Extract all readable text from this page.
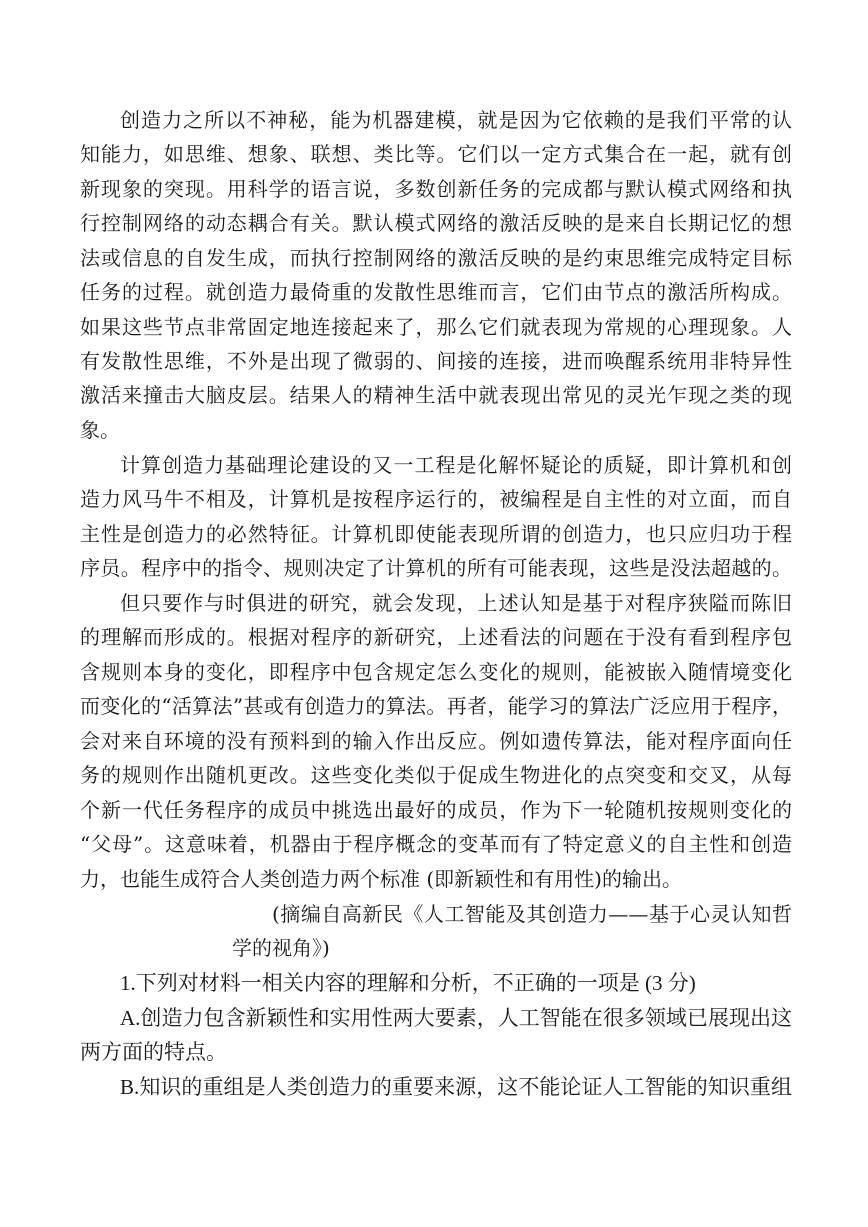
创造力之所以不神秘，能为机器建模，就是因为它依赖的是我们平常的认
知能力，如思维、想象、联想、类比等。它们以一定方式集合在一起，就有创
新现象的突现。用科学的语言说，多数创新任务的完成都与默认模式网络和执
行控制网络的动态耦合有关。默认模式网络的激活反映的是来自长期记忆的想
法或信息的自发生成，而执行控制网络的激活反映的是约束思维完成特定目标
任务的过程。就创造力最倚重的发散性思维而言，它们由节点的激活所构成。
如果这些节点非常固定地连接起来了，那么它们就表现为常规的心理现象。人
有发散性思维，不外是出现了微弱的、间接的连接，进而唤醒系统用非特异性
激活来撞击大脑皮层。结果人的精神生活中就表现出常见的灵光乍现之类的现
象。
计算创造力基础理论建设的又一工程是化解怀疑论的质疑，即计算机和创
造力风马牛不相及，计算机是按程序运行的，被编程是自主性的对立面，而自
主性是创造力的必然特征。计算机即使能表现所谓的创造力，也只应归功于程
序员。程序中的指令、规则决定了计算机的所有可能表现，这些是没法超越的。
但只要作与时俱进的研究，就会发现，上述认知是基于对程序狭隘而陈旧
的理解而形成的。根据对程序的新研究，上述看法的问题在于没有看到程序包
含规则本身的变化，即程序中包含规定怎么变化的规则，能被嵌入随情境变化
而变化的“活算法”甚或有创造力的算法。再者，能学习的算法广泛应用于程序，
会对来自环境的没有预料到的输入作出反应。例如遗传算法，能对程序面向任
务的规则作出随机更改。这些变化类似于促成生物进化的点突变和交叉，从每
个新一代任务程序的成员中挑选出最好的成员，作为下一轮随机按规则变化的
“父母”。这意味着，机器由于程序概念的变革而有了特定意义的自主性和创造
力，也能生成符合人类创造力两个标准 (即新颖性和有用性)的输出。
(摘编自高新民《人工智能及其创造力——基于心灵认知哲
学的视角》)
1.下列对材料一相关内容的理解和分析，不正确的一项是 (3 分)
A.创造力包含新颖性和实用性两大要素，人工智能在很多领域已展现出这
两方面的特点。
B.知识的重组是人类创造力的重要来源，这不能论证人工智能的知识重组
